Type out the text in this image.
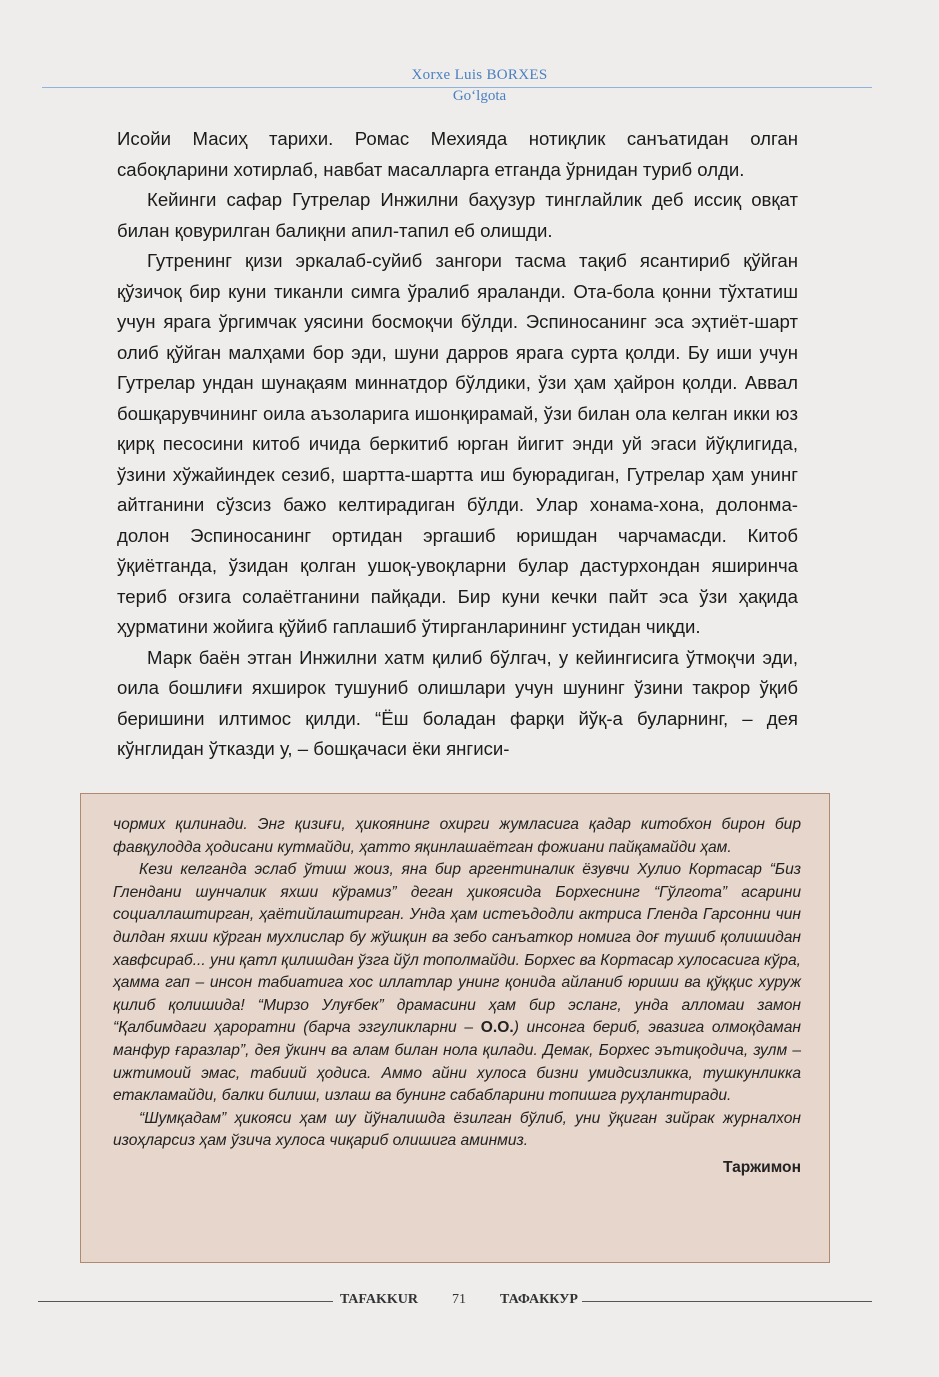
Xorxe Luis BORXES
Go‘lgota

Исойи Масиҳ тарихи. Ромас Мехияда нотиқлик санъатидан олган сабоқларини хотирлаб, навбат масалларга етганда ўрнидан туриб олди.

Кейинги сафар Гутрелар Инжилни баҳузур тинглайлик деб иссиқ овқат билан қовурилган балиқни апил-тапил еб олишди.

Гутренинг қизи эркалаб-суйиб зангори тасма тақиб ясантириб қўйган қўзичоқ бир куни тиканли симга ўралиб яраланди. Ота-бола қонни тўхтатиш учун ярага ўргимчак уясини босмоқчи бўлди. Эспиносанинг эса эҳтиёт-шарт олиб қўйган малҳами бор эди, шуни дарров ярага сурта қолди. Бу иши учун Гутрелар ундан шунақаям миннатдор бўлдики, ўзи ҳам ҳайрон қолди. Аввал бошқарувчининг оила аъзоларига ишонқирамай, ўзи билан ола келган икки юз қирқ песосини китоб ичида беркитиб юрган йигит энди уй эгаси йўқлигида, ўзини хўжайиндек сезиб, шартта-шартта иш буюрадиган, Гутрелар ҳам унинг айтганини сўзсиз бажо келтирадиган бўлди. Улар хонама-хона, долонма-долон Эспиносанинг ортидан эргашиб юришдан чарчамасди. Китоб ўқиётганда, ўзидан қолган ушоқ-увоқларни булар дастурхондан яширинча териб оғзига солаётганини пайқади. Бир куни кечки пайт эса ўзи ҳақида ҳурматини жойига қўйиб гаплашиб ўтирганларининг устидан чиқди.

Марк баён этган Инжилни хатм қилиб бўлгач, у кейингисига ўтмоқчи эди, оила бошлиғи яхширок тушуниб олишлари учун шунинг ўзини такрор ўқиб беришини илтимос қилди. “Ёш боладан фарқи йўқ-а буларнинг, – дея кўнглидан ўтказди у, – бошқачаси ёки янгиси-

чормих қилинади. Энг қизиғи, ҳикоянинг охирги жумласига қадар китобхон бирон бир фавқулодда ҳодисани кутмайди, ҳатто яқинлашаётган фожиани пайқамайди ҳам.

Кези келганда эслаб ўтиш жоиз, яна бир аргентиналик ёзувчи Хулио Кортасар “Биз Глендани шунчалик яхши кўрамиз” деган ҳикоясида Борхеснинг “Гўлгота” асарини социаллаштирган, ҳаётийлаштирган. Унда ҳам истеъдодли актриса Гленда Гарсонни чин дилдан яхши кўрган мухлислар бу жўшқин ва зебо санъаткор номига доғ тушиб қолишидан хавфсираб... уни қатл қилишдан ўзга йўл тополмайди. Борхес ва Кортасар хулосасига кўра, ҳамма гап – инсон табиатига хос иллатлар унинг қонида айланиб юриши ва қўққис хуруж қилиб қолишида! “Мирзо Улуғбек” драмасини ҳам бир эсланг, унда алломаи замон “Қалбимдаги ҳароратни (барча эзгуликларни – О.О.) инсонга бериб, эвазига олмоқдаман манфур ғаразлар”, дея ўкинч ва алам билан нола қилади. Демак, Борхес эътиқодича, зулм – ижтимоий эмас, табиий ҳодиса. Аммо айни хулоса бизни умидсизликка, тушкунликка етакламайди, балки билиш, излаш ва бунинг сабабларини топишга руҳлантиради.

“Шумқадам” ҳикояси ҳам шу йўналишда ёзилган бўлиб, уни ўқиган зийрак журналхон изоҳларсиз ҳам ўзича хулоса чиқариб олишига аминмиз.

Таржимон
TAFAKKUR 71 ТАФАККУР
